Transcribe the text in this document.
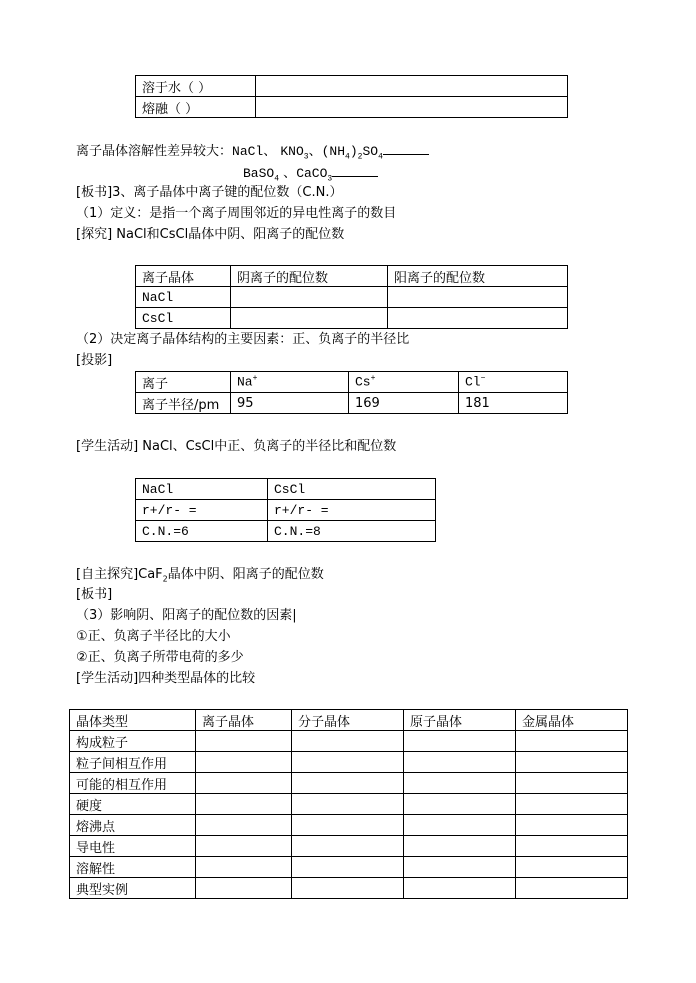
溶于水（ ）	
熔融（ ）	
离子晶体溶解性差异较大：NaCl、 $KNO_3$、$(NH_4)_2SO_4$
BaSO$_4$ 、CaCO$_3$
[板书]3、离子晶体中离子键的配位数（C.N.）
（1）定义：是指一个离子周围邻近的异电性离子的数目
[探究] NaCl和CsCl晶体中阴、阳离子的配位数
离子晶体	阴离子的配位数	阳离子的配位数
NaCl		
CsCl		
（2）决定离子晶体结构的主要因素：正、负离子的半径比
[投影]
离子	Na+	Cs+	Cl−
离子半径/pm	95	169	181
[学生活动] NaCl、CsCl中正、负离子的半径比和配位数
NaCl	CsCl
r+/r- =	r+/r- =
C.N.=6	C.N.=8
[自主探究]CaF$_2$晶体中阴、阳离子的配位数
[板书]
（3）影响阴、阳离子的配位数的因素|
①正、负离子半径比的大小
②正、负离子所带电荷的多少
[学生活动]四种类型晶体的比较
晶体类型	离子晶体	分子晶体	原子晶体	金属晶体
构成粒子				
粒子间相互作用				
可能的相互作用				
硬度				
熔沸点				
导电性				
溶解性				
典型实例				
